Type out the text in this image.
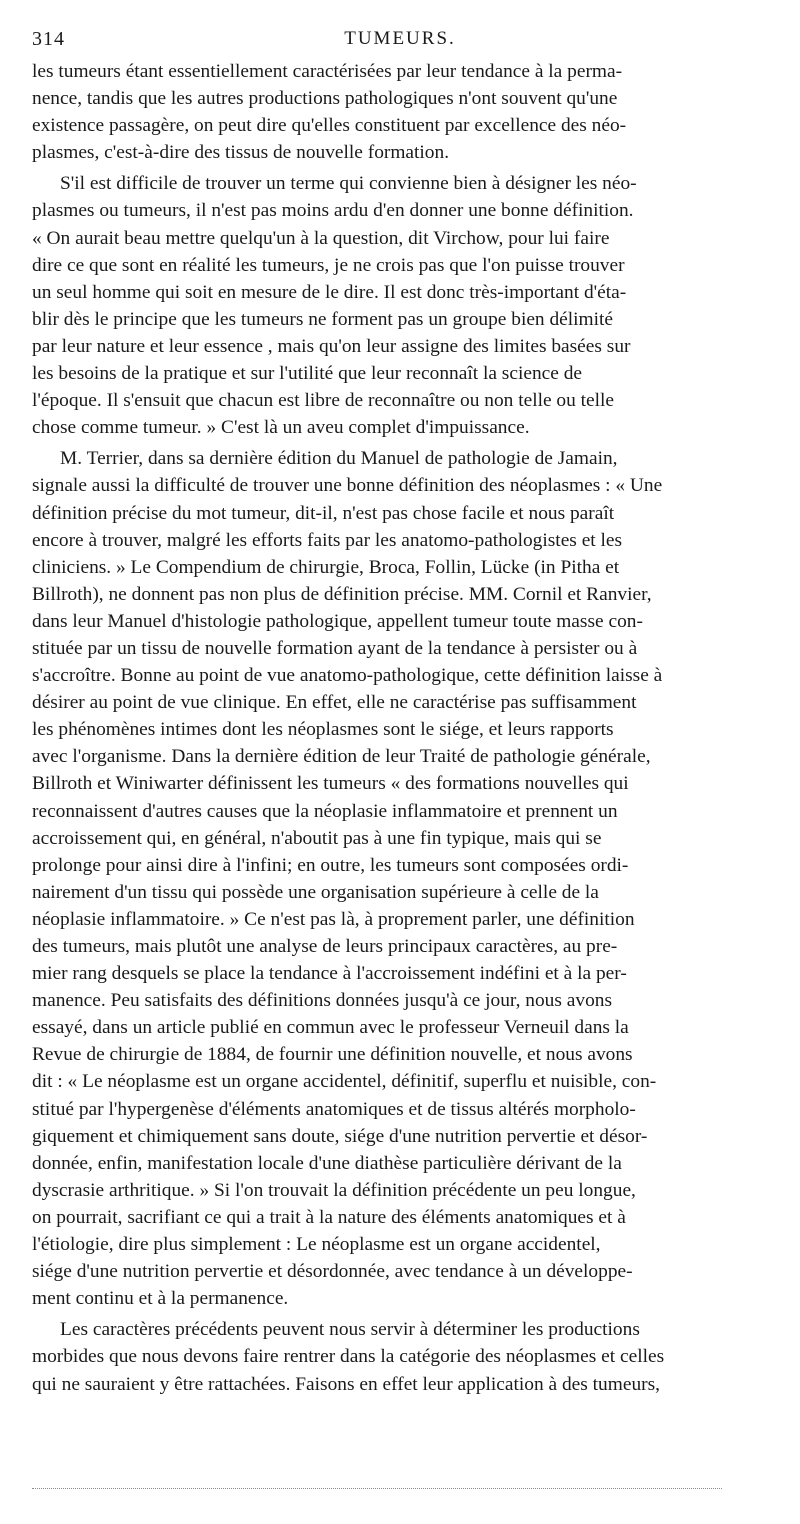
314	TUMEURS.
les tumeurs étant essentiellement caractérisées par leur tendance à la perma-
nence, tandis que les autres productions pathologiques n'ont souvent qu'une
existence passagère, on peut dire qu'elles constituent par excellence des néo-
plasmes, c'est-à-dire des tissus de nouvelle formation.
S'il est difficile de trouver un terme qui convienne bien à désigner les néo-
plasmes ou tumeurs, il n'est pas moins ardu d'en donner une bonne définition.
« On aurait beau mettre quelqu'un à la question, dit Virchow, pour lui faire
dire ce que sont en réalité les tumeurs, je ne crois pas que l'on puisse trouver
un seul homme qui soit en mesure de le dire. Il est donc très-important d'éta-
blir dès le principe que les tumeurs ne forment pas un groupe bien délimité
par leur nature et leur essence , mais qu'on leur assigne des limites basées sur
les besoins de la pratique et sur l'utilité que leur reconnaît la science de
l'époque. Il s'ensuit que chacun est libre de reconnaître ou non telle ou telle
chose comme tumeur. » C'est là un aveu complet d'impuissance.
M. Terrier, dans sa dernière édition du Manuel de pathologie de Jamain,
signale aussi la difficulté de trouver une bonne définition des néoplasmes : « Une
définition précise du mot tumeur, dit-il, n'est pas chose facile et nous paraît
encore à trouver, malgré les efforts faits par les anatomo-pathologistes et les
cliniciens. » Le Compendium de chirurgie, Broca, Follin, Lücke (in Pitha et
Billroth), ne donnent pas non plus de définition précise. MM. Cornil et Ranvier,
dans leur Manuel d'histologie pathologique, appellent tumeur toute masse con-
stituée par un tissu de nouvelle formation ayant de la tendance à persister ou à
s'accroître. Bonne au point de vue anatomo-pathologique, cette définition laisse à
désirer au point de vue clinique. En effet, elle ne caractérise pas suffisamment
les phénomènes intimes dont les néoplasmes sont le siége, et leurs rapports
avec l'organisme. Dans la dernière édition de leur Traité de pathologie générale,
Billroth et Winiwarter définissent les tumeurs « des formations nouvelles qui
reconnaissent d'autres causes que la néoplasie inflammatoire et prennent un
accroissement qui, en général, n'aboutit pas à une fin typique, mais qui se
prolonge pour ainsi dire à l'infini; en outre, les tumeurs sont composées ordi-
nairement d'un tissu qui possède une organisation supérieure à celle de la
néoplasie inflammatoire. » Ce n'est pas là, à proprement parler, une définition
des tumeurs, mais plutôt une analyse de leurs principaux caractères, au pre-
mier rang desquels se place la tendance à l'accroissement indéfini et à la per-
manence. Peu satisfaits des définitions données jusqu'à ce jour, nous avons
essayé, dans un article publié en commun avec le professeur Verneuil dans la
Revue de chirurgie de 1884, de fournir une définition nouvelle, et nous avons
dit : « Le néoplasme est un organe accidentel, définitif, superflu et nuisible, con-
stitué par l'hypergenèse d'éléments anatomiques et de tissus altérés morpholo-
giquement et chimiquement sans doute, siége d'une nutrition pervertie et désor-
donnée, enfin, manifestation locale d'une diathèse particulière dérivant de la
dyscrasie arthritique. » Si l'on trouvait la définition précédente un peu longue,
on pourrait, sacrifiant ce qui a trait à la nature des éléments anatomiques et à
l'étiologie, dire plus simplement : Le néoplasme est un organe accidentel,
siége d'une nutrition pervertie et désordonnée, avec tendance à un développe-
ment continu et à la permanence.
Les caractères précédents peuvent nous servir à déterminer les productions
morbides que nous devons faire rentrer dans la catégorie des néoplasmes et celles
qui ne sauraient y être rattachées. Faisons en effet leur application à des tumeurs,
